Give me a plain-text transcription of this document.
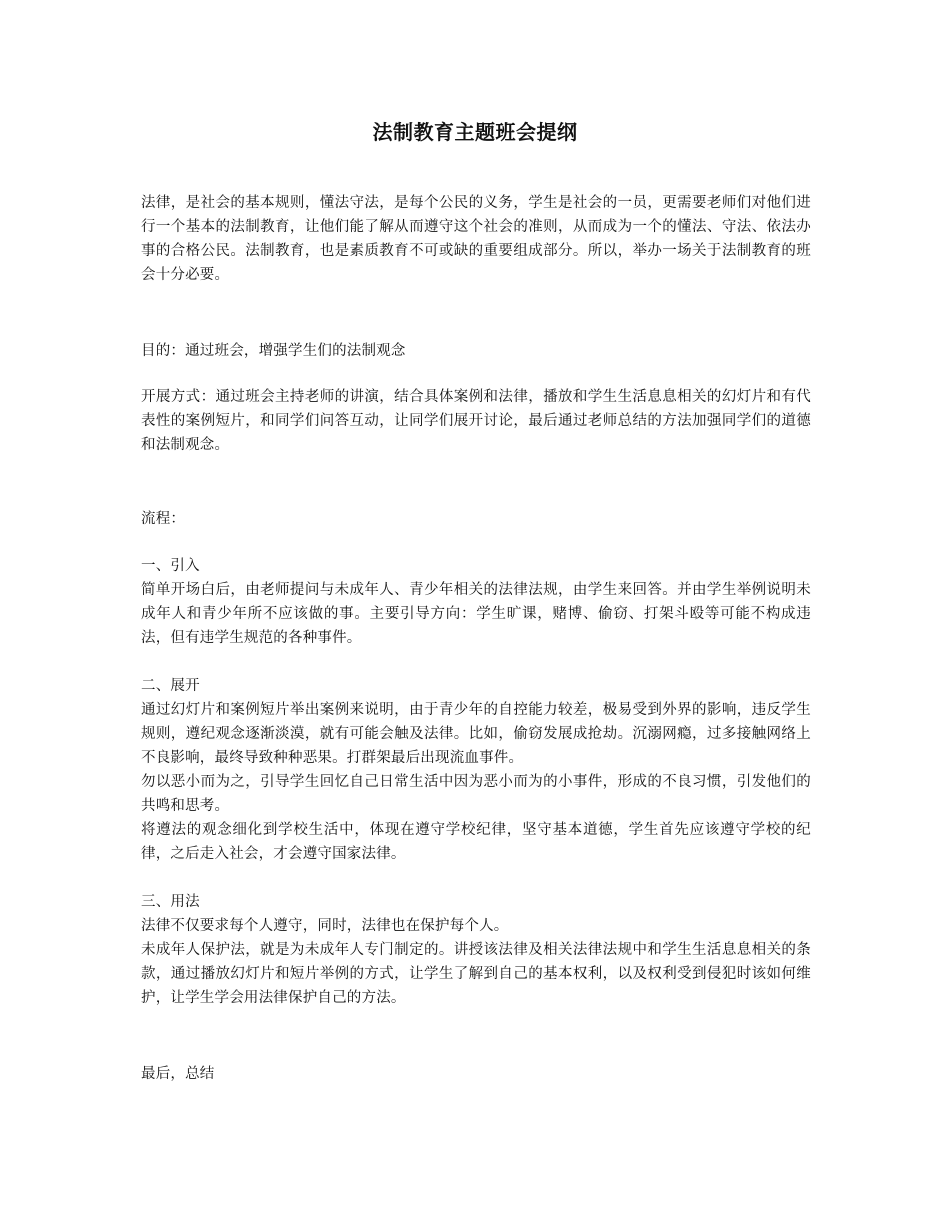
法制教育主题班会提纲

法律，是社会的基本规则，懂法守法，是每个公民的义务，学生是社会的一员，更需要老师们对他们进行一个基本的法制教育，让他们能了解从而遵守这个社会的准则，从而成为一个的懂法、守法、依法办事的合格公民。法制教育，也是素质教育不可或缺的重要组成部分。所以，举办一场关于法制教育的班会十分必要。

目的：通过班会，增强学生们的法制观念

开展方式：通过班会主持老师的讲演，结合具体案例和法律，播放和学生生活息息相关的幻灯片和有代表性的案例短片，和同学们问答互动，让同学们展开讨论，最后通过老师总结的方法加强同学们的道德和法制观念。

流程：

一、引入

简单开场白后，由老师提问与未成年人、青少年相关的法律法规，由学生来回答。并由学生举例说明未成年人和青少年所不应该做的事。主要引导方向：学生旷课，赌博、偷窃、打架斗殴等可能不构成违法，但有违学生规范的各种事件。

二、展开

通过幻灯片和案例短片举出案例来说明，由于青少年的自控能力较差，极易受到外界的影响，违反学生规则，遵纪观念逐渐淡漠，就有可能会触及法律。比如，偷窃发展成抢劫。沉溺网瘾，过多接触网络上不良影响，最终导致种种恶果。打群架最后出现流血事件。

勿以恶小而为之，引导学生回忆自己日常生活中因为恶小而为的小事件，形成的不良习惯，引发他们的共鸣和思考。

将遵法的观念细化到学校生活中，体现在遵守学校纪律，坚守基本道德，学生首先应该遵守学校的纪律，之后走入社会，才会遵守国家法律。

三、用法

法律不仅要求每个人遵守，同时，法律也在保护每个人。

未成年人保护法，就是为未成年人专门制定的。讲授该法律及相关法律法规中和学生生活息息相关的条款，通过播放幻灯片和短片举例的方式，让学生了解到自己的基本权利，以及权利受到侵犯时该如何维护，让学生学会用法律保护自己的方法。

最后，总结
